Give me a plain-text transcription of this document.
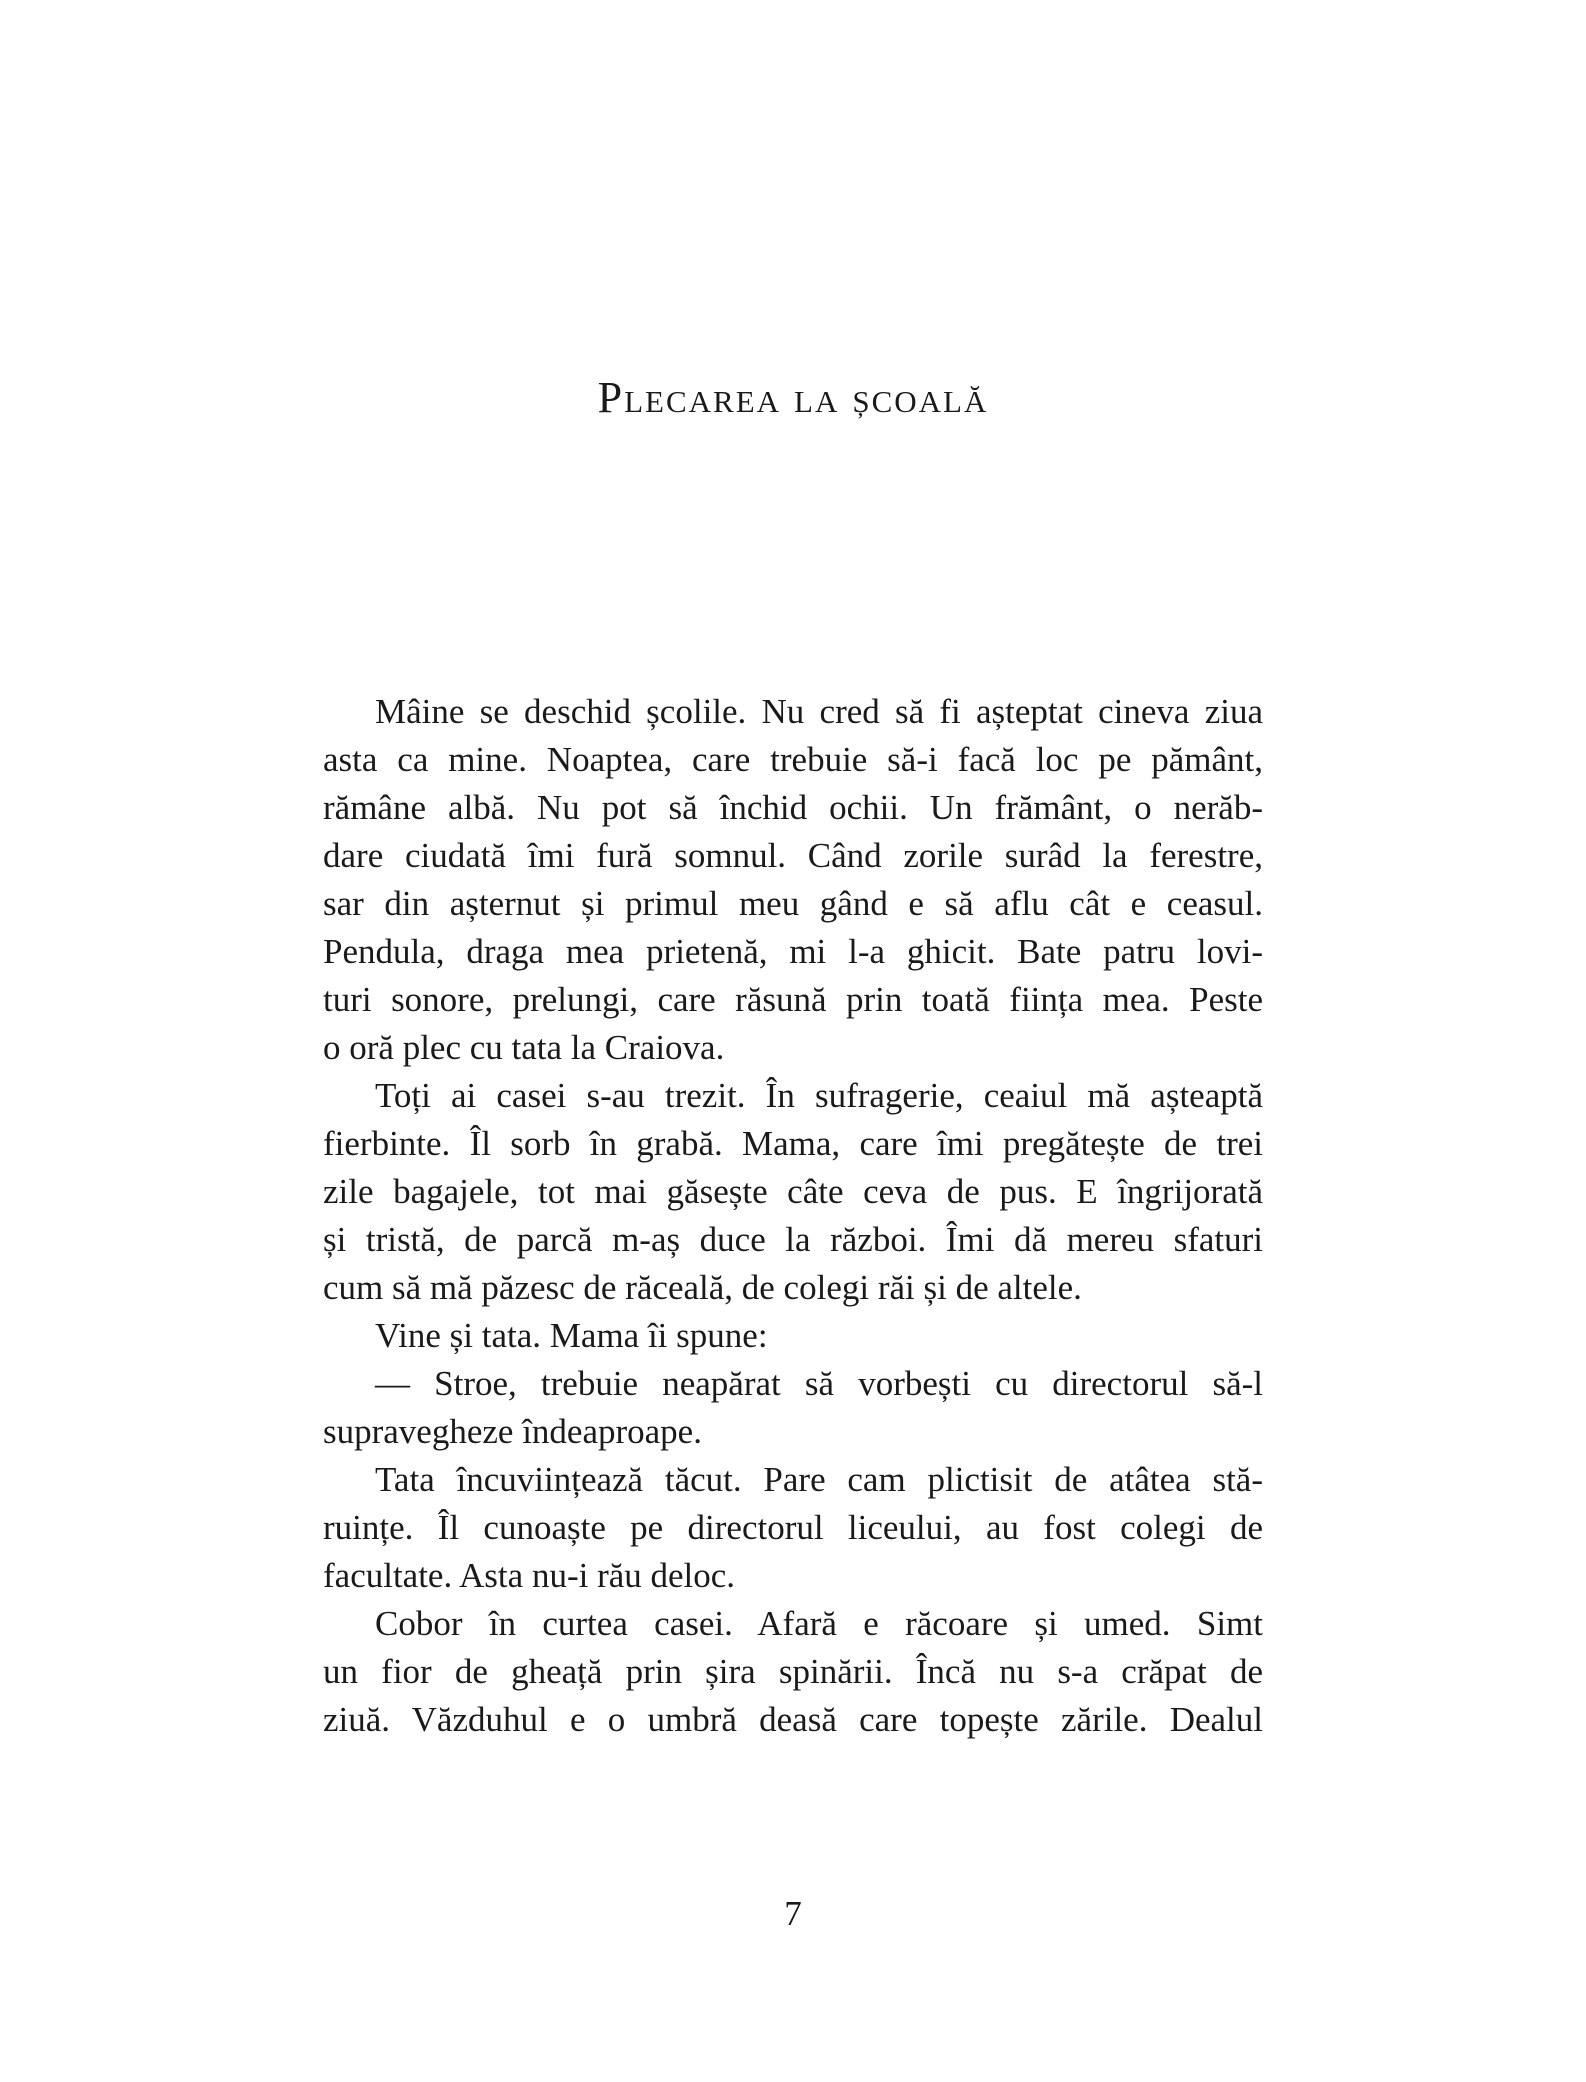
Plecarea la școală
Mâine se deschid școlile. Nu cred să fi așteptat cineva ziua
asta ca mine. Noaptea, care trebuie să-i facă loc pe pământ,
rămâne albă. Nu pot să închid ochii. Un frământ, o nerăb-
dare ciudată îmi fură somnul. Când zorile surâd la ferestre,
sar din așternut și primul meu gând e să aflu cât e ceasul.
Pendula, draga mea prietenă, mi l-a ghicit. Bate patru lovi-
turi sonore, prelungi, care răsună prin toată ființa mea. Peste
o oră plec cu tata la Craiova.
Toți ai casei s-au trezit. În sufragerie, ceaiul mă așteaptă
fierbinte. Îl sorb în grabă. Mama, care îmi pregătește de trei
zile bagajele, tot mai găsește câte ceva de pus. E îngrijorată
și tristă, de parcă m-aș duce la război. Îmi dă mereu sfaturi
cum să mă păzesc de răceală, de colegi răi și de altele.
Vine și tata. Mama îi spune:
— Stroe, trebuie neapărat să vorbești cu directorul să-l
supravegheze îndeaproape.
Tata încuviințează tăcut. Pare cam plictisit de atâtea stă-
ruințe. Îl cunoaște pe directorul liceului, au fost colegi de
facultate. Asta nu-i rău deloc.
Cobor în curtea casei. Afară e răcoare și umed. Simt
un fior de gheață prin șira spinării. Încă nu s-a crăpat de
ziuă. Văzduhul e o umbră deasă care topește zările. Dealul
7
